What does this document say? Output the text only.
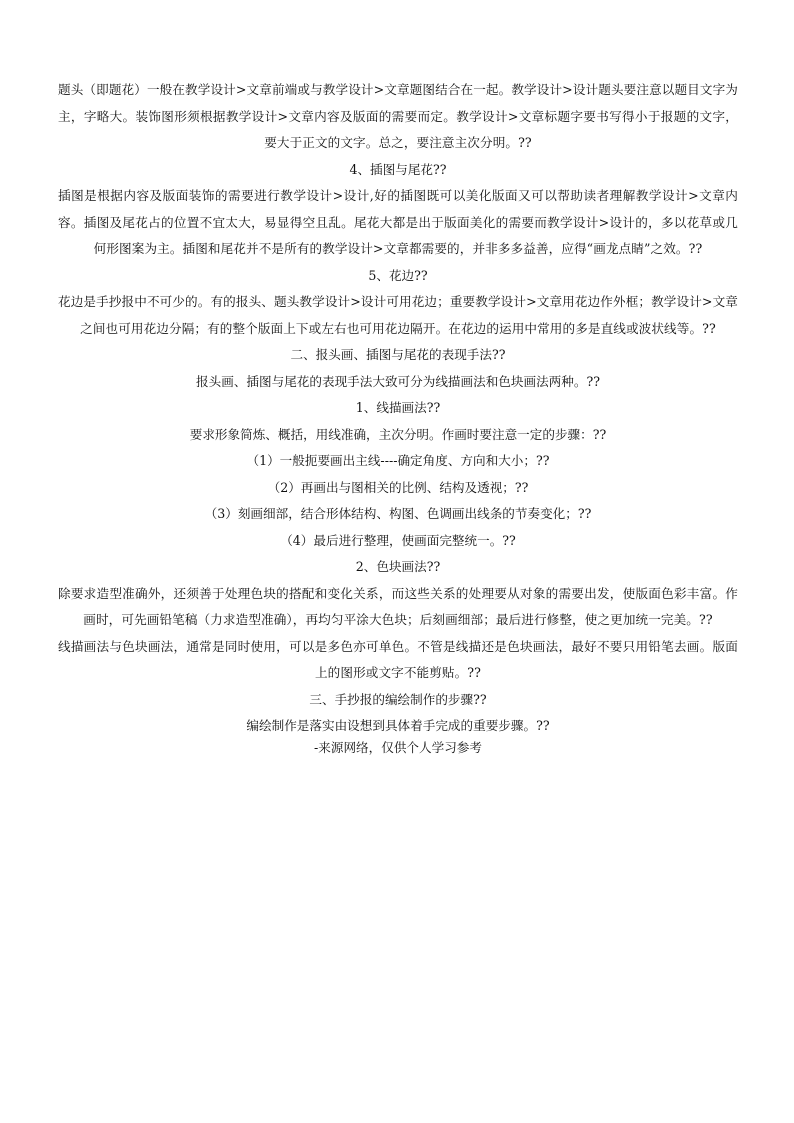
题头（即题花）一般在教学设计>文章前端或与教学设计>文章题图结合在一起。教学设计>设计题头要注意以题目文字为主，字略大。装饰图形须根据教学设计>文章内容及版面的需要而定。教学设计>文章标题字要书写得小于报题的文字，要大于正文的文字。总之，要注意主次分明。??

4、插图与尾花??

插图是根据内容及版面装饰的需要进行教学设计>设计,好的插图既可以美化版面又可以帮助读者理解教学设计>文章内容。插图及尾花占的位置不宜太大，易显得空且乱。尾花大都是出于版面美化的需要而教学设计>设计的，多以花草或几何形图案为主。插图和尾花并不是所有的教学设计>文章都需要的，并非多多益善，应得“画龙点睛”之效。??

5、花边??

花边是手抄报中不可少的。有的报头、题头教学设计>设计可用花边；重要教学设计>文章用花边作外框；教学设计>文章之间也可用花边分隔；有的整个版面上下或左右也可用花边隔开。在花边的运用中常用的多是直线或波状线等。??

二、报头画、插图与尾花的表现手法??

报头画、插图与尾花的表现手法大致可分为线描画法和色块画法两种。??

1、线描画法??

要求形象简炼、概括，用线准确，主次分明。作画时要注意一定的步骤：??

（1）一般扼要画出主线----确定角度、方向和大小；??

（2）再画出与图相关的比例、结构及透视；??

（3）刻画细部，结合形体结构、构图、色调画出线条的节奏变化；??

（4）最后进行整理，使画面完整统一。??

2、色块画法??

除要求造型准确外，还须善于处理色块的搭配和变化关系，而这些关系的处理要从对象的需要出发，使版面色彩丰富。作画时，可先画铅笔稿（力求造型准确），再均匀平涂大色块；后刻画细部；最后进行修整，使之更加统一完美。??

线描画法与色块画法，通常是同时使用，可以是多色亦可单色。不管是线描还是色块画法，最好不要只用铅笔去画。版面上的图形或文字不能剪贴。??

三、手抄报的编绘制作的步骤??

编绘制作是落实由设想到具体着手完成的重要步骤。??

-来源网络，仅供个人学习参考
